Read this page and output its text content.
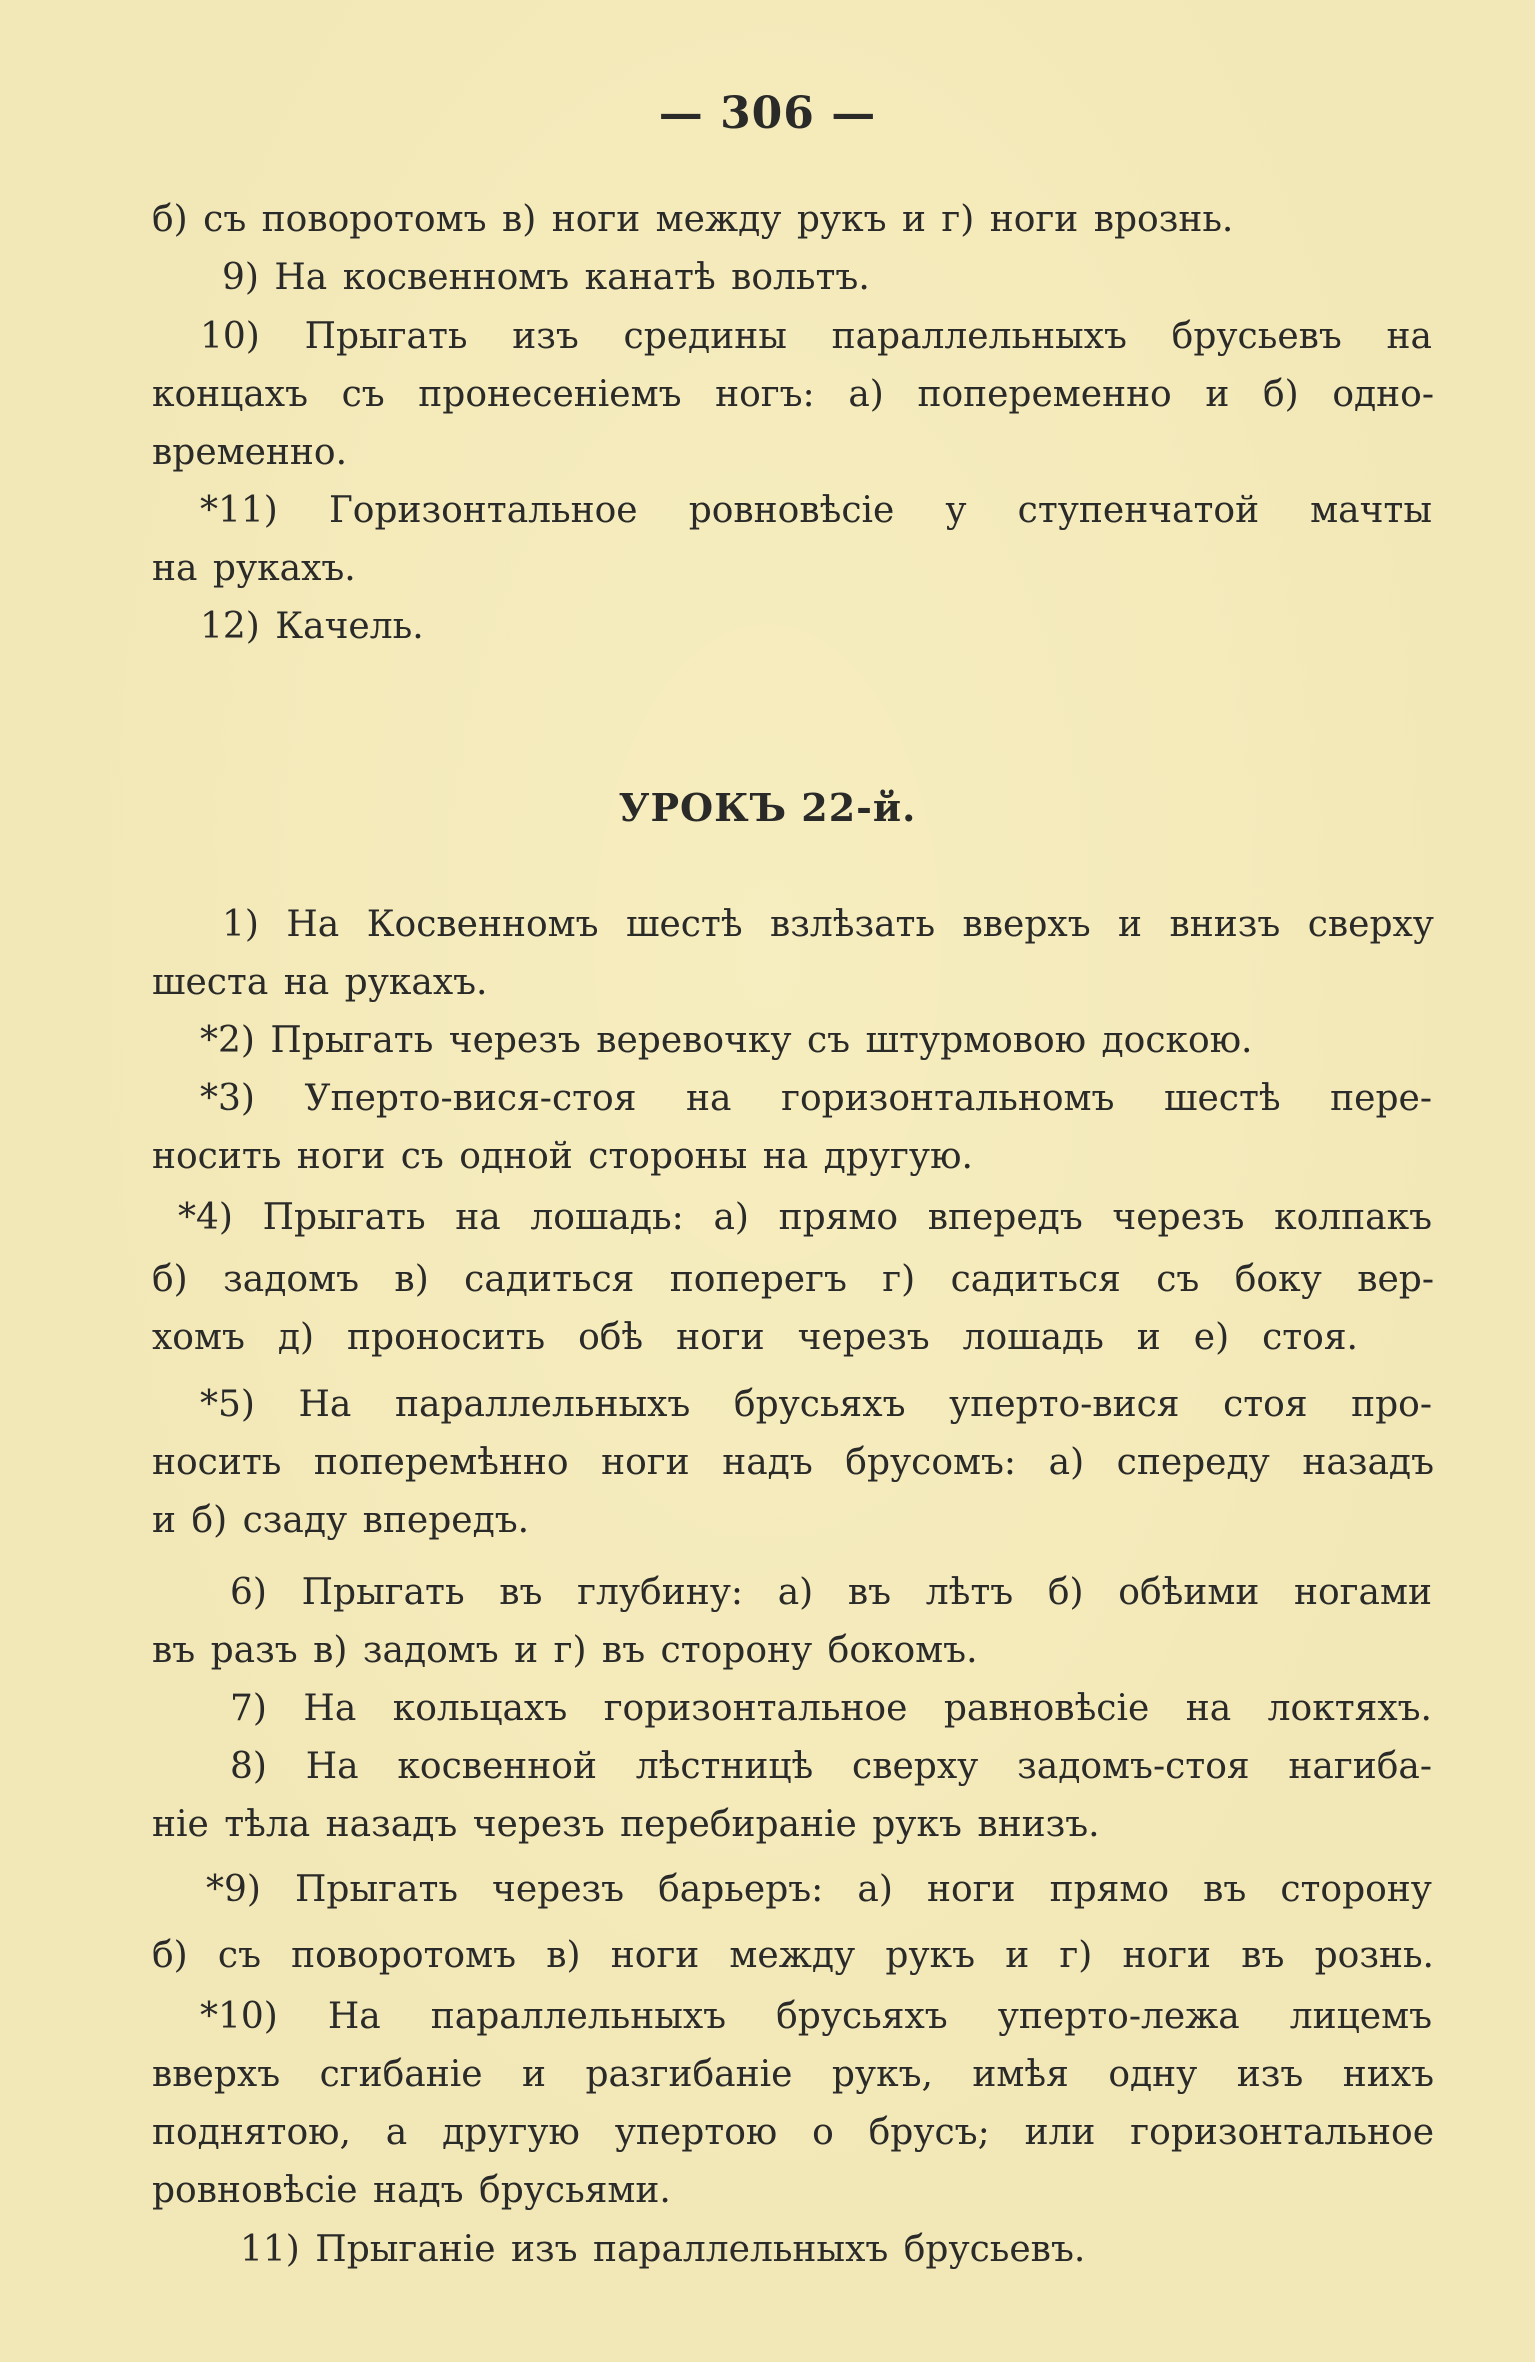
— 306 —
б) съ поворотомъ в) ноги между рукъ и г) ноги врознь.
9) На косвенномъ канатѣ вольтъ.
10) Прыгать изъ средины параллельныхъ брусьевъ на
концахъ съ пронесеніемъ ногъ: а) попеременно и б) одно-
временно.
*11) Горизонтальное ровновѣсіе у ступенчатой мачты
на рукахъ.
12) Качель.
УРОКЪ 22-й.
1) На Косвенномъ шестѣ взлѣзать вверхъ и внизъ сверху
шеста на рукахъ.
*2) Прыгать черезъ веревочку съ штурмовою доскою.
*3) Уперто-вися-стоя на горизонтальномъ шестѣ пере-
носить ноги съ одной стороны на другую.
*4) Прыгать на лошадь: а) прямо впередъ черезъ колпакъ
б) задомъ в) садиться поперегъ г) садиться съ боку вер-
хомъ д) проносить обѣ ноги черезъ лошадь и е) стоя.
*5) На параллельныхъ брусьяхъ уперто-вися стоя про-
носить поперемѣнно ноги надъ брусомъ: а) спереду назадъ
и б) сзаду впередъ.
6) Прыгать въ глубину: а) въ лѣтъ б) обѣими ногами
въ разъ в) задомъ и г) въ сторону бокомъ.
7) На кольцахъ горизонтальное равновѣсіе на локтяхъ.
8) На косвенной лѣстницѣ сверху задомъ-стоя нагиба-
ніе тѣла назадъ черезъ перебираніе рукъ внизъ.
*9) Прыгать черезъ барьеръ: а) ноги прямо въ сторону
б) съ поворотомъ в) ноги между рукъ и г) ноги въ рознь.
*10) На параллельныхъ брусьяхъ уперто-лежа лицемъ
вверхъ сгибаніе и разгибаніе рукъ, имѣя одну изъ нихъ
поднятою, а другую упертою о брусъ; или горизонтальное
ровновѣсіе надъ брусьями.
11) Прыганіе изъ параллельныхъ брусьевъ.
